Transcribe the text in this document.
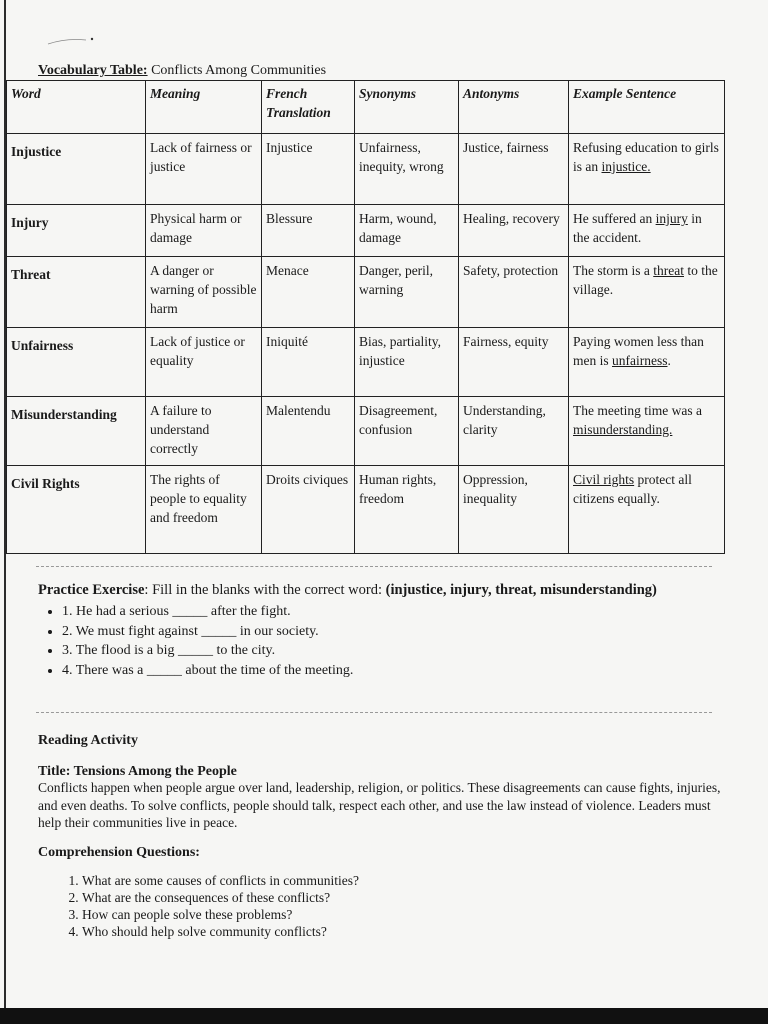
Vocabulary Table: Conflicts Among Communities
Word	Meaning	French Translation	Synonyms	Antonyms	Example Sentence
Injustice	Lack of fairness or justice	Injustice	Unfairness, inequity, wrong	Justice, fairness	Refusing education to girls is an injustice.
Injury	Physical harm or damage	Blessure	Harm, wound, damage	Healing, recovery	He suffered an injury in the accident.
Threat	A danger or warning of possible harm	Menace	Danger, peril, warning	Safety, protection	The storm is a threat to the village.
Unfairness	Lack of justice or equality	Iniquité	Bias, partiality, injustice	Fairness, equity	Paying women less than men is unfairness.
Misunderstanding	A failure to understand correctly	Malentendu	Disagreement, confusion	Understanding, clarity	The meeting time was a misunderstanding.
Civil Rights	The rights of people to equality and freedom	Droits civiques	Human rights, freedom	Oppression, inequality	Civil rights protect all citizens equally.
Practice Exercise: Fill in the blanks with the correct word: (injustice, injury, threat, misunderstanding)
• 1. He had a serious _____ after the fight.
• 2. We must fight against _____ in our society.
• 3. The flood is a big _____ to the city.
• 4. There was a _____ about the time of the meeting.
Reading Activity
Title: Tensions Among the People
Conflicts happen when people argue over land, leadership, religion, or politics. These disagreements can cause fights, injuries, and even deaths. To solve conflicts, people should talk, respect each other, and use the law instead of violence. Leaders must help their communities live in peace.
Comprehension Questions:
1. What are some causes of conflicts in communities?
2. What are the consequences of these conflicts?
3. How can people solve these problems?
4. Who should help solve community conflicts?
